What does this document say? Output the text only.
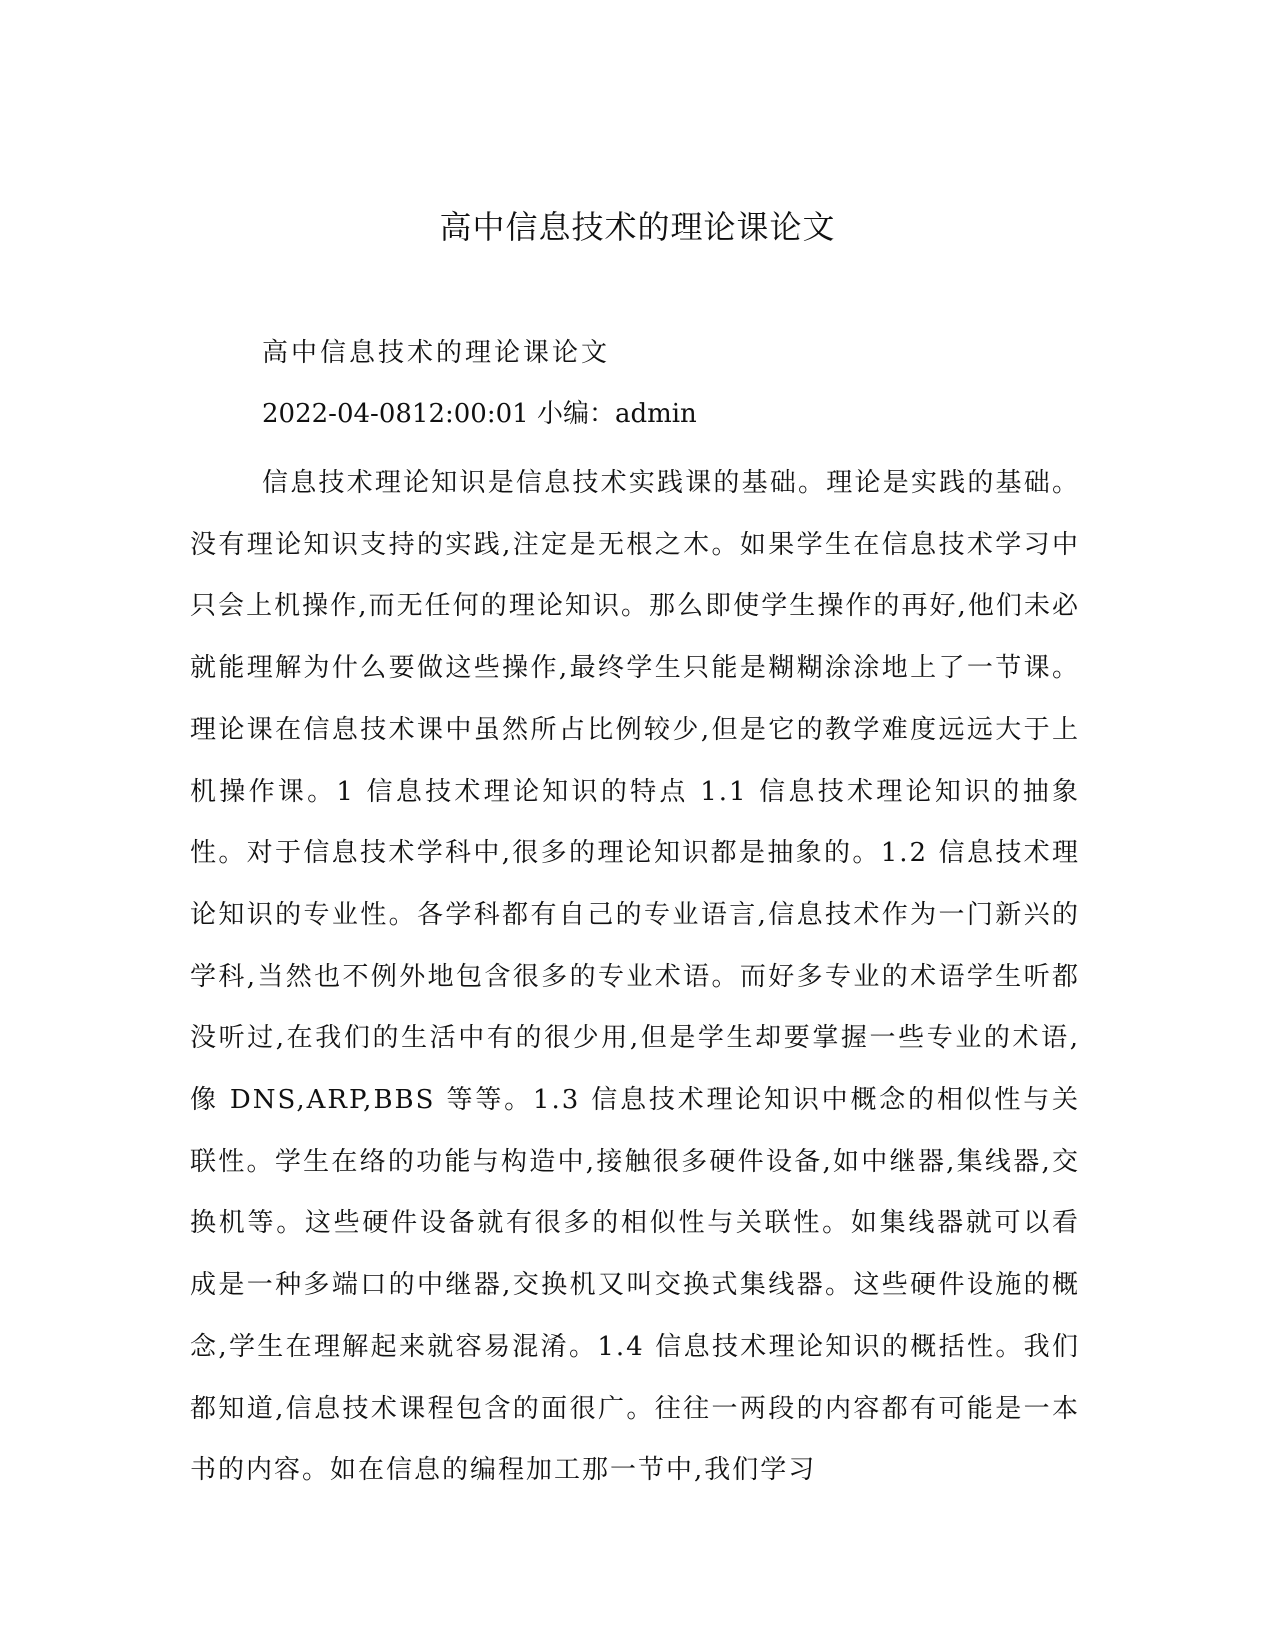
高中信息技术的理论课论文
高中信息技术的理论课论文
2022-04-0812:00:01 小编：admin

信息技术理论知识是信息技术实践课的基础。理论是实践的基础。没有理论知识支持的实践,注定是无根之木。如果学生在信息技术学习中只会上机操作,而无任何的理论知识。那么即使学生操作的再好,他们未必就能理解为什么要做这些操作,最终学生只能是糊糊涂涂地上了一节课。理论课在信息技术课中虽然所占比例较少,但是它的教学难度远远大于上机操作课。1 信息技术理论知识的特点 1.1 信息技术理论知识的抽象性。对于信息技术学科中,很多的理论知识都是抽象的。1.2 信息技术理论知识的专业性。各学科都有自己的专业语言,信息技术作为一门新兴的学科,当然也不例外地包含很多的专业术语。而好多专业的术语学生听都没听过,在我们的生活中有的很少用,但是学生却要掌握一些专业的术语,像 DNS,ARP,BBS 等等。1.3 信息技术理论知识中概念的相似性与关联性。学生在络的功能与构造中,接触很多硬件设备,如中继器,集线器,交换机等。这些硬件设备就有很多的相似性与关联性。如集线器就可以看成是一种多端口的中继器,交换机又叫交换式集线器。这些硬件设施的概念,学生在理解起来就容易混淆。1.4 信息技术理论知识的概括性。我们都知道,信息技术课程包含的面很广。往往一两段的内容都有可能是一本书的内容。如在信息的编程加工那一节中,我们学习
